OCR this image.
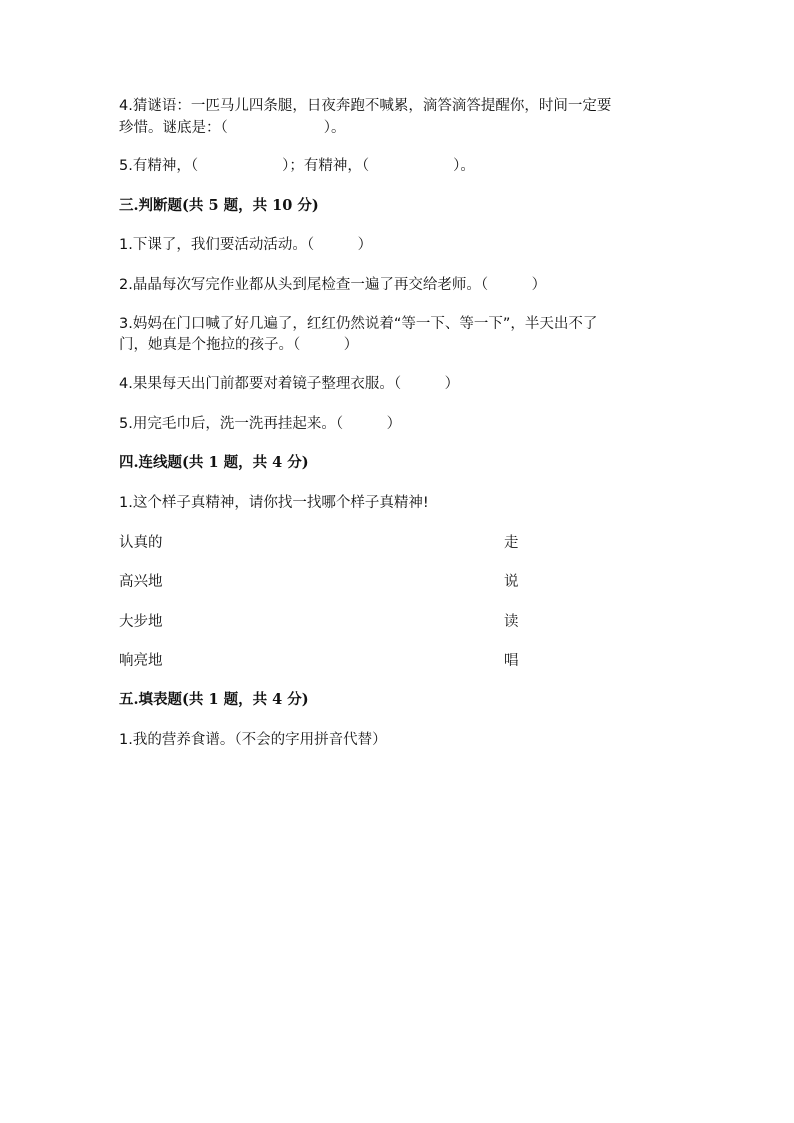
4.猜谜语：一匹马儿四条腿，日夜奔跑不喊累，滴答滴答提醒你，时间一定要
珍惜。谜底是：（	）。
5.有精神，（	）；有精神，（	）。
三.判断题(共 5 题，共 10 分)
1.下课了，我们要活动活动。（　　　）
2.晶晶每次写完作业都从头到尾检查一遍了再交给老师。（　　　）
3.妈妈在门口喊了好几遍了，红红仍然说着“等一下、等一下”，半天出不了
门，她真是个拖拉的孩子。（　　　）
4.果果每天出门前都要对着镜子整理衣服。（　　　）
5.用完毛巾后，洗一洗再挂起来。（　　　）
四.连线题(共 1 题，共 4 分)
1.这个样子真精神，请你找一找哪个样子真精神!
认真的	走
高兴地	说
大步地	读
响亮地	唱
五.填表题(共 1 题，共 4 分)
1.我的营养食谱。（不会的字用拼音代替）
